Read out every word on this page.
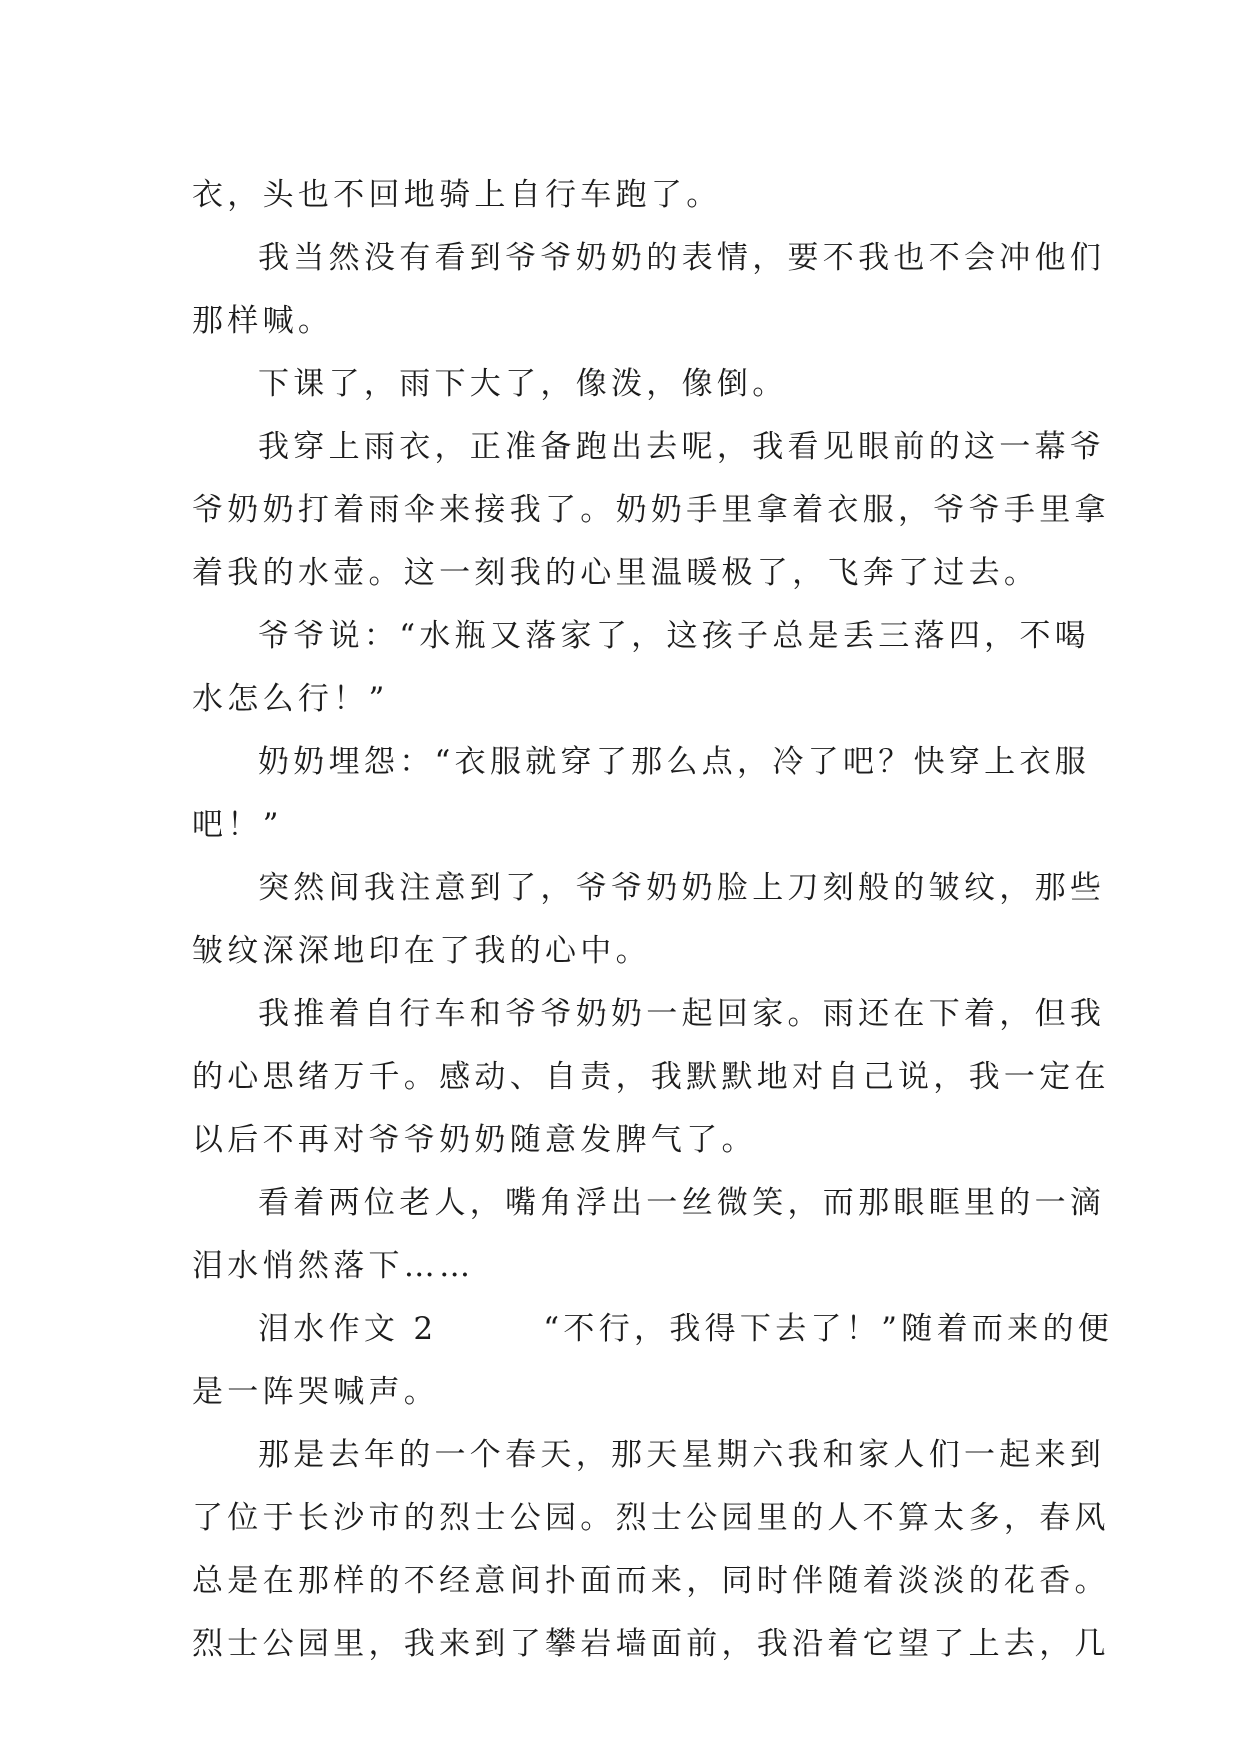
衣，头也不回地骑上自行车跑了。

我当然没有看到爷爷奶奶的表情，要不我也不会冲他们

那样喊。

下课了，雨下大了，像泼，像倒。

我穿上雨衣，正准备跑出去呢，我看见眼前的这一幕爷

爷奶奶打着雨伞来接我了。奶奶手里拿着衣服，爷爷手里拿

着我的水壶。这一刻我的心里温暖极了，飞奔了过去。

爷爷说：“水瓶又落家了，这孩子总是丢三落四，不喝

水怎么行！”

奶奶埋怨：“衣服就穿了那么点，冷了吧？快穿上衣服

吧！”

突然间我注意到了，爷爷奶奶脸上刀刻般的皱纹，那些

皱纹深深地印在了我的心中。

我推着自行车和爷爷奶奶一起回家。雨还在下着，但我

的心思绪万千。感动、自责，我默默地对自己说，我一定在

以后不再对爷爷奶奶随意发脾气了。

看着两位老人，嘴角浮出一丝微笑，而那眼眶里的一滴

泪水悄然落下……

泪水作文 2　　　“不行，我得下去了！”随着而来的便

是一阵哭喊声。

那是去年的一个春天，那天星期六我和家人们一起来到

了位于长沙市的烈士公园。烈士公园里的人不算太多，春风

总是在那样的不经意间扑面而来，同时伴随着淡淡的花香。

烈士公园里，我来到了攀岩墙面前，我沿着它望了上去，几
